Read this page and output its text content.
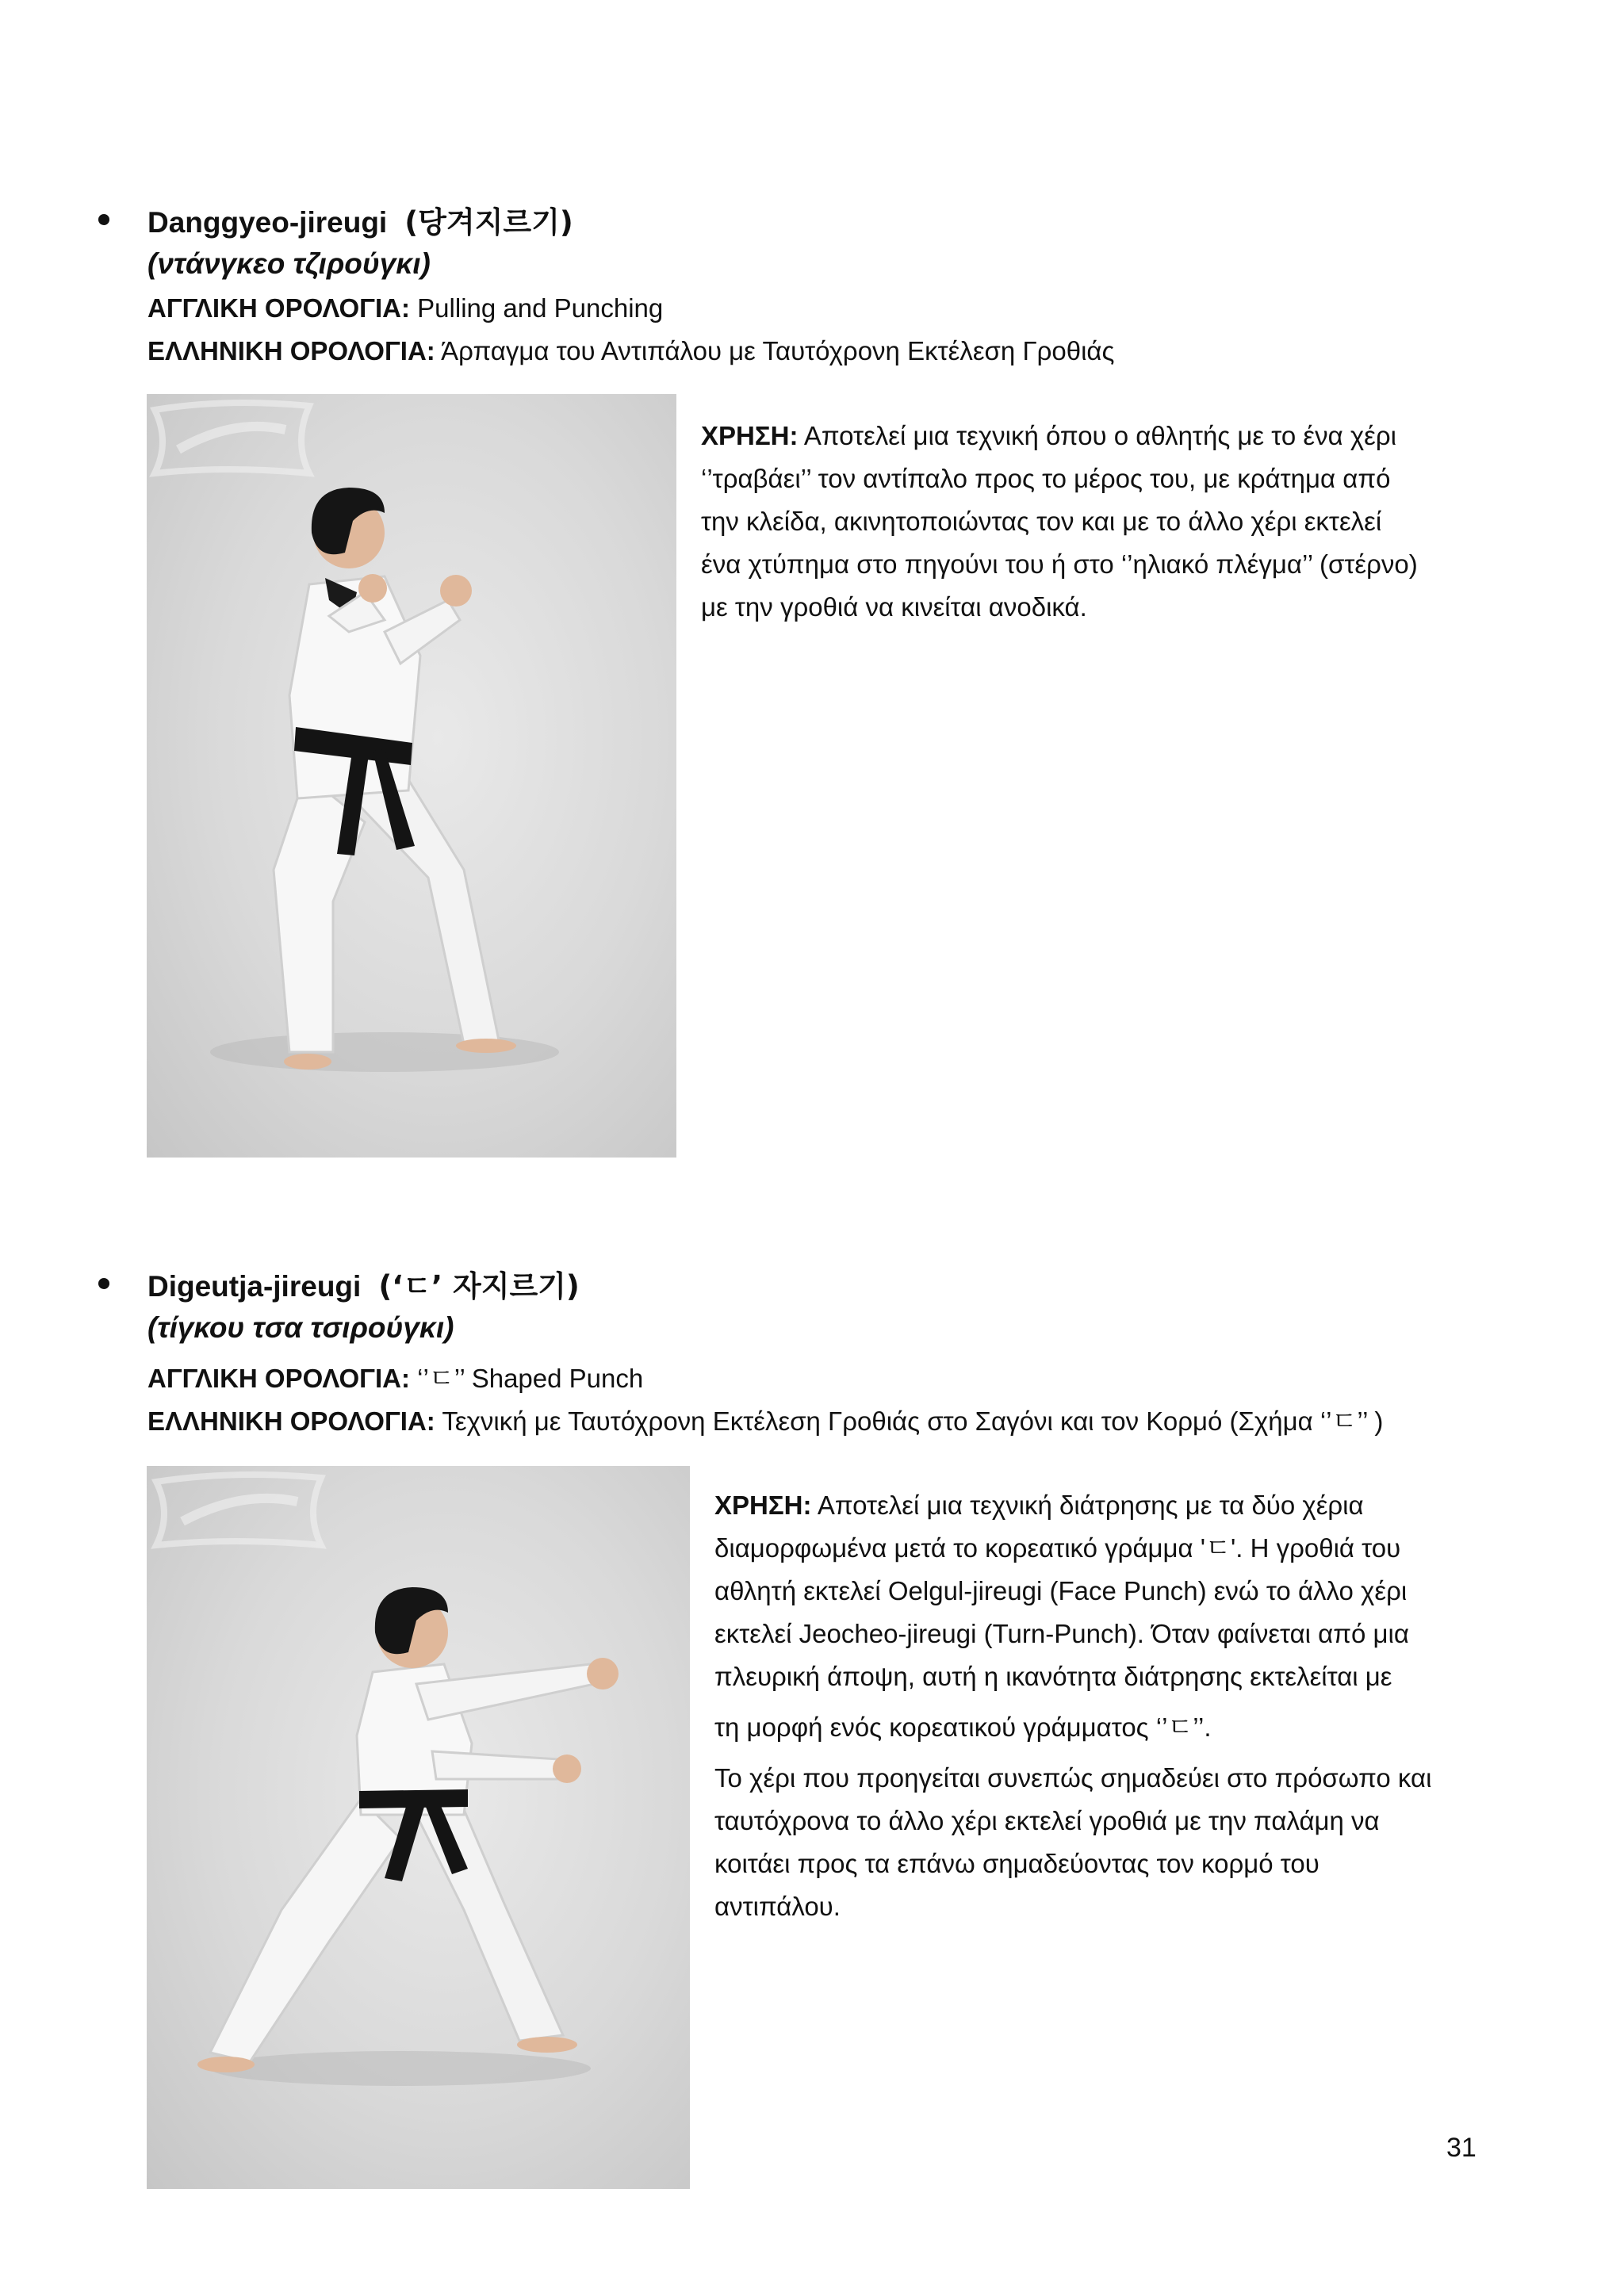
Danggyeo-jireugi (당겨지르기)
(ντάνγκεο τζιρούγκι)
ΑΓΓΛΙΚΗ ΟΡΟΛΟΓΙΑ: Pulling and Punching
ΕΛΛΗΝΙΚΗ ΟΡΟΛΟΓΙΑ: Άρπαγμα του Αντιπάλου με Ταυτόχρονη Εκτέλεση Γροθιάς

ΧΡΗΣΗ: Αποτελεί μια τεχνική όπου ο αθλητής με το ένα χέρι

‘’τραβάει’’ τον αντίπαλο προς το μέρος του, με κράτημα από

την κλείδα, ακινητοποιώντας τον και με το άλλο χέρι εκτελεί

ένα χτύπημα στο πηγούνι του ή στο ‘’ηλιακό πλέγμα’’ (στέρνο)

με την γροθιά να κινείται ανοδικά.

Digeutja-jireugi (‘ㄷ’ 자지르기)
(τίγκου τσα τσιρούγκι)
ΑΓΓΛΙΚΗ ΟΡΟΛΟΓΙΑ: ‘’ㄷ’’ Shaped Punch
ΕΛΛΗΝΙΚΗ ΟΡΟΛΟΓΙΑ: Τεχνική με Ταυτόχρονη Εκτέλεση Γροθιάς στο Σαγόνι και τον Κορμό (Σχήμα ‘’ㄷ’’ )

ΧΡΗΣΗ: Αποτελεί μια τεχνική διάτρησης με τα δύο χέρια

διαμορφωμένα μετά το κορεατικό γράμμα 'ㄷ'. Η γροθιά του

αθλητή εκτελεί Oelgul-jireugi (Face Punch) ενώ το άλλο χέρι

εκτελεί Jeocheo-jireugi (Turn-Punch). Όταν φαίνεται από μια

πλευρική άποψη, αυτή η ικανότητα διάτρησης εκτελείται με

τη μορφή ενός κορεατικού γράμματος ‘’ㄷ’’.

Το χέρι που προηγείται συνεπώς σημαδεύει στο πρόσωπο και

ταυτόχρονα το άλλο χέρι εκτελεί γροθιά με την παλάμη να

κοιτάει προς τα επάνω σημαδεύοντας τον κορμό του

αντιπάλου.

31
